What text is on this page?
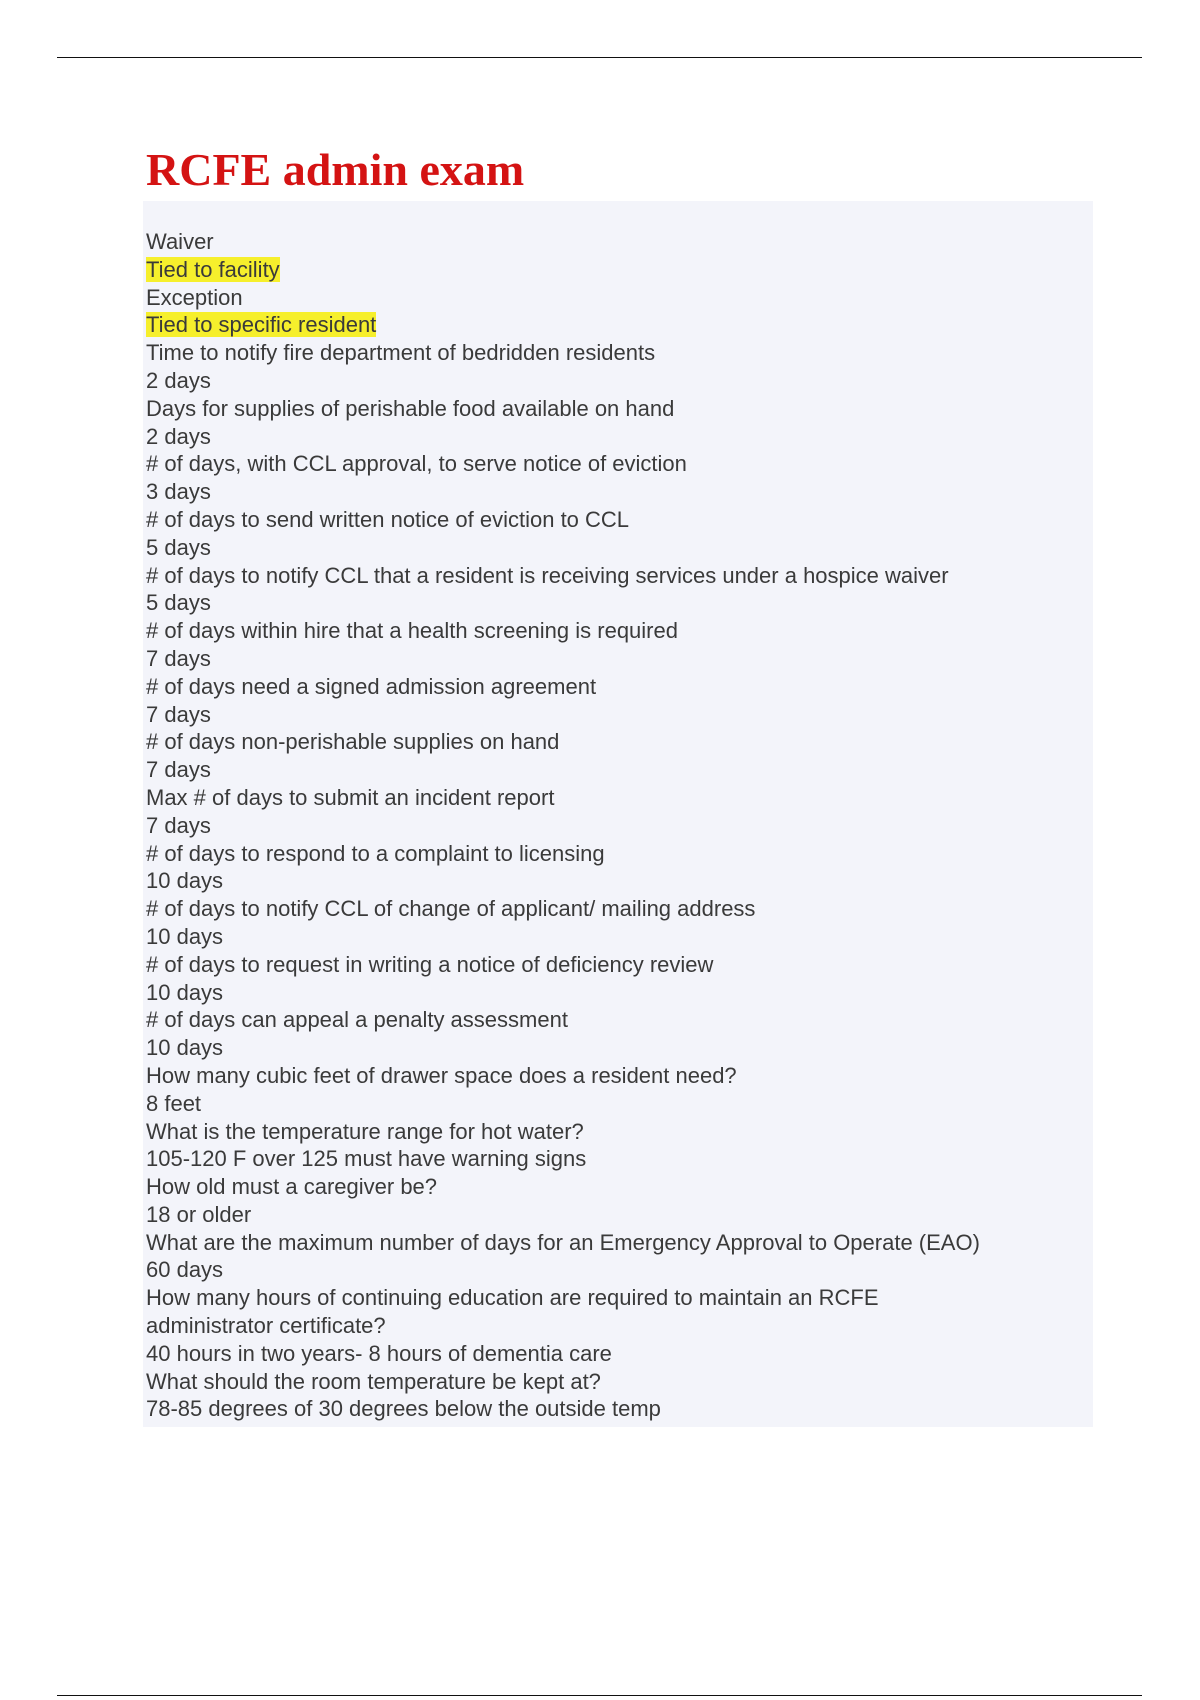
RCFE admin exam
Waiver
Tied to facility
Exception
Tied to specific resident
Time to notify fire department of bedridden residents
2 days
Days for supplies of perishable food available on hand
2 days
# of days, with CCL approval, to serve notice of eviction
3 days
# of days to send written notice of eviction to CCL
5 days
# of days to notify CCL that a resident is receiving services under a hospice waiver
5 days
# of days within hire that a health screening is required
7 days
# of days need a signed admission agreement
7 days
# of days non-perishable supplies on hand
7 days
Max # of days to submit an incident report
7 days
# of days to respond to a complaint to licensing
10 days
# of days to notify CCL of change of applicant/ mailing address
10 days
# of days to request in writing a notice of deficiency review
10 days
# of days can appeal a penalty assessment
10 days
How many cubic feet of drawer space does a resident need?
8 feet
What is the temperature range for hot water?
105-120 F over 125 must have warning signs
How old must a caregiver be?
18 or older
What are the maximum number of days for an Emergency Approval to Operate (EAO)
60 days
How many hours of continuing education are required to maintain an RCFE administrator certificate?
40 hours in two years- 8 hours of dementia care
What should the room temperature be kept at?
78-85 degrees of 30 degrees below the outside temp
